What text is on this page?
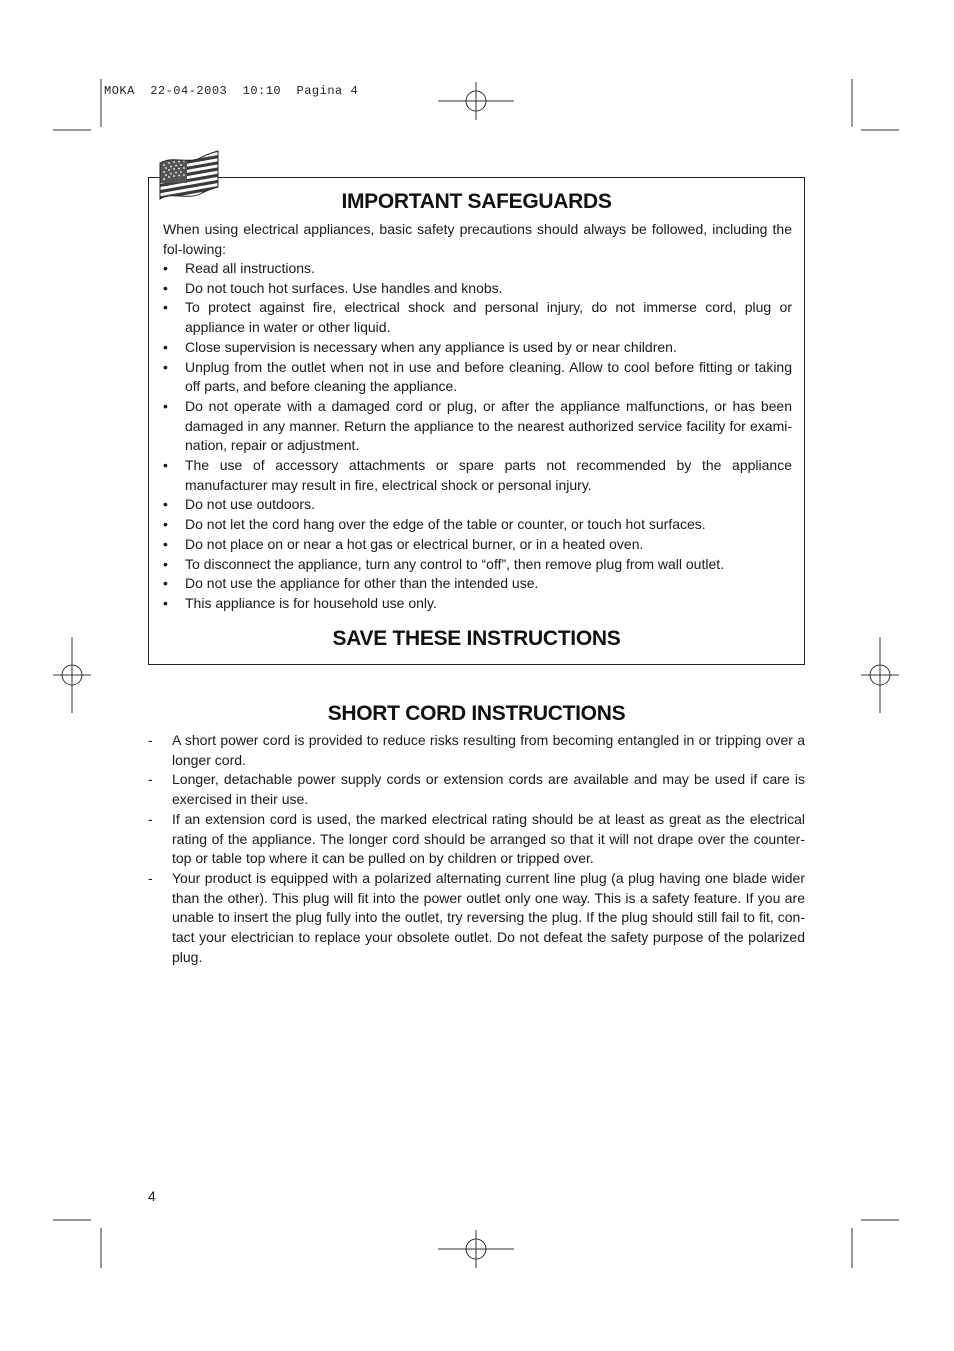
MOKA  22-04-2003  10:10  Pagina 4
IMPORTANT SAFEGUARDS

When using electrical appliances, basic safety precautions should always be followed, including the fol-lowing:

• Read all instructions.
• Do not touch hot surfaces. Use handles and knobs.
• To protect against fire, electrical shock and personal injury, do not immerse cord, plug or appliance in water or other liquid.
• Close supervision is necessary when any appliance is used by or near children.
• Unplug from the outlet when not in use and before cleaning. Allow to cool before fitting or taking off parts, and before cleaning the appliance.
• Do not operate with a damaged cord or plug, or after the appliance malfunctions, or has been damaged in any manner. Return the appliance to the nearest authorized service facility for exami-nation, repair or adjustment.
• The use of accessory attachments or spare parts not recommended by the appliance manufacturer may result in fire, electrical shock or personal injury.
• Do not use outdoors.
• Do not let the cord hang over the edge of the table or counter, or touch hot surfaces.
• Do not place on or near a hot gas or electrical burner, or in a heated oven.
• To disconnect the appliance, turn any control to “off”, then remove plug from wall outlet.
• Do not use the appliance for other than the intended use.
• This appliance is for household use only.
SAVE THESE INSTRUCTIONS
SHORT CORD INSTRUCTIONS
- A short power cord is provided to reduce risks resulting from becoming entangled in or tripping over a longer cord.
- Longer, detachable power supply cords or extension cords are available and may be used if care is exercised in their use.
- If an extension cord is used, the marked electrical rating should be at least as great as the electrical rating of the appliance. The longer cord should be arranged so that it will not drape over the counter-top or table top where it can be pulled on by children or tripped over.
- Your product is equipped with a polarized alternating current line plug (a plug having one blade wider than the other). This plug will fit into the power outlet only one way. This is a safety feature. If you are unable to insert the plug fully into the outlet, try reversing the plug. If the plug should still fail to fit, con-tact your electrician to replace your obsolete outlet. Do not defeat the safety purpose of the polarized plug.
4
